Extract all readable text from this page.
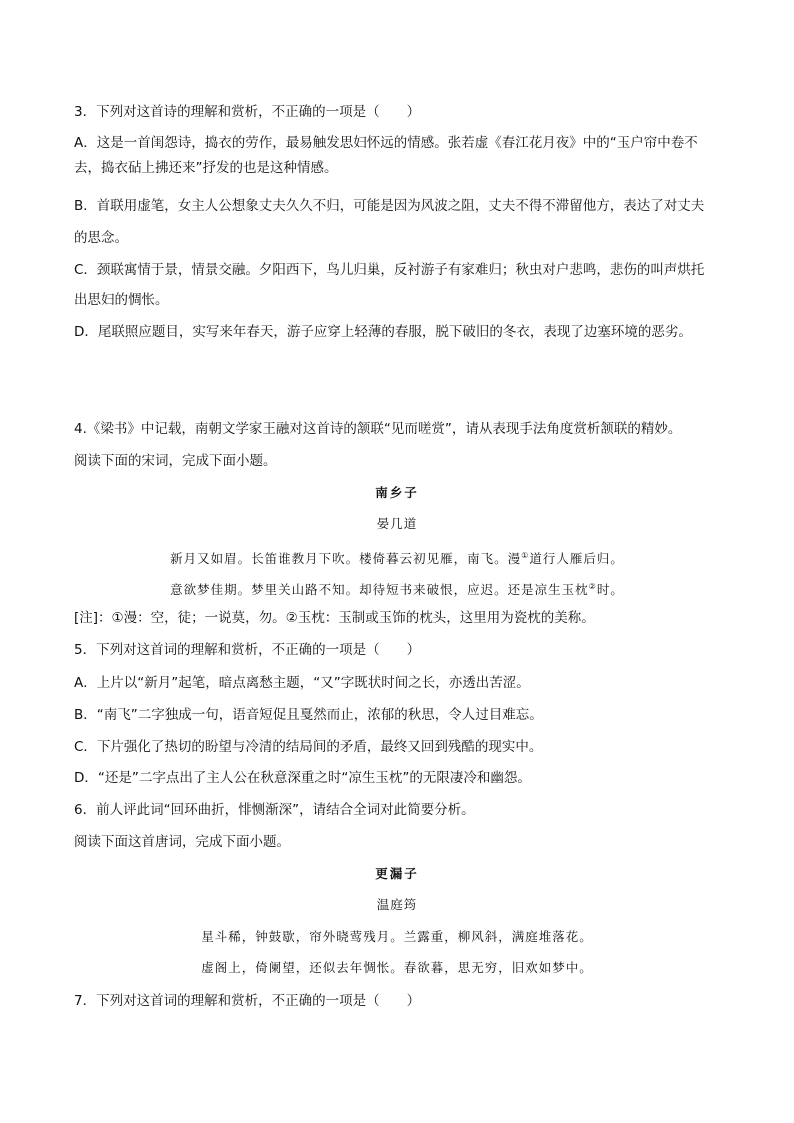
3．下列对这首诗的理解和赏析，不正确的一项是（　　）
A．这是一首闺怨诗，捣衣的劳作，最易触发思妇怀远的情感。张若虚《春江花月夜》中的“玉户帘中卷不
去，捣衣砧上拂还来”抒发的也是这种情感。
B．首联用虚笔，女主人公想象丈夫久久不归，可能是因为风波之阻，丈夫不得不滞留他方，表达了对丈夫
的思念。
C．颈联寓情于景，情景交融。夕阳西下，鸟儿归巢，反衬游子有家难归；秋虫对户悲鸣，悲伤的叫声烘托
出思妇的惆怅。
D．尾联照应题目，实写来年春天，游子应穿上轻薄的春服，脱下破旧的冬衣，表现了边塞环境的恶劣。
4.《梁书》中记载，南朝文学家王融对这首诗的颔联“见而嗟赏”，请从表现手法角度赏析颔联的精妙。
阅读下面的宋词，完成下面小题。
南乡子
晏几道
新月又如眉。长笛谁教月下吹。楼倚暮云初见雁，南飞。漫①道行人雁后归。
意欲梦佳期。梦里关山路不知。却待短书来破恨，应迟。还是凉生玉枕②时。
[注]：①漫：空，徒；一说莫，勿。②玉枕：玉制或玉饰的枕头，这里用为瓷枕的美称。
5．下列对这首词的理解和赏析，不正确的一项是（　　）
A．上片以“新月”起笔，暗点离愁主题，“又”字既状时间之长，亦透出苦涩。
B．“南飞”二字独成一句，语音短促且戛然而止，浓郁的秋思，令人过目难忘。
C．下片强化了热切的盼望与冷清的结局间的矛盾，最终又回到残酷的现实中。
D．“还是”二字点出了主人公在秋意深重之时“凉生玉枕”的无限凄冷和幽怨。
6．前人评此词“回环曲折，悱恻渐深”，请结合全词对此简要分析。
阅读下面这首唐词，完成下面小题。
更漏子
温庭筠
星斗稀，钟鼓歇，帘外晓莺残月。兰露重，柳风斜，满庭堆落花。
虚阁上，倚阑望，还似去年惆怅。春欲暮，思无穷，旧欢如梦中。
7．下列对这首词的理解和赏析，不正确的一项是（　　）
